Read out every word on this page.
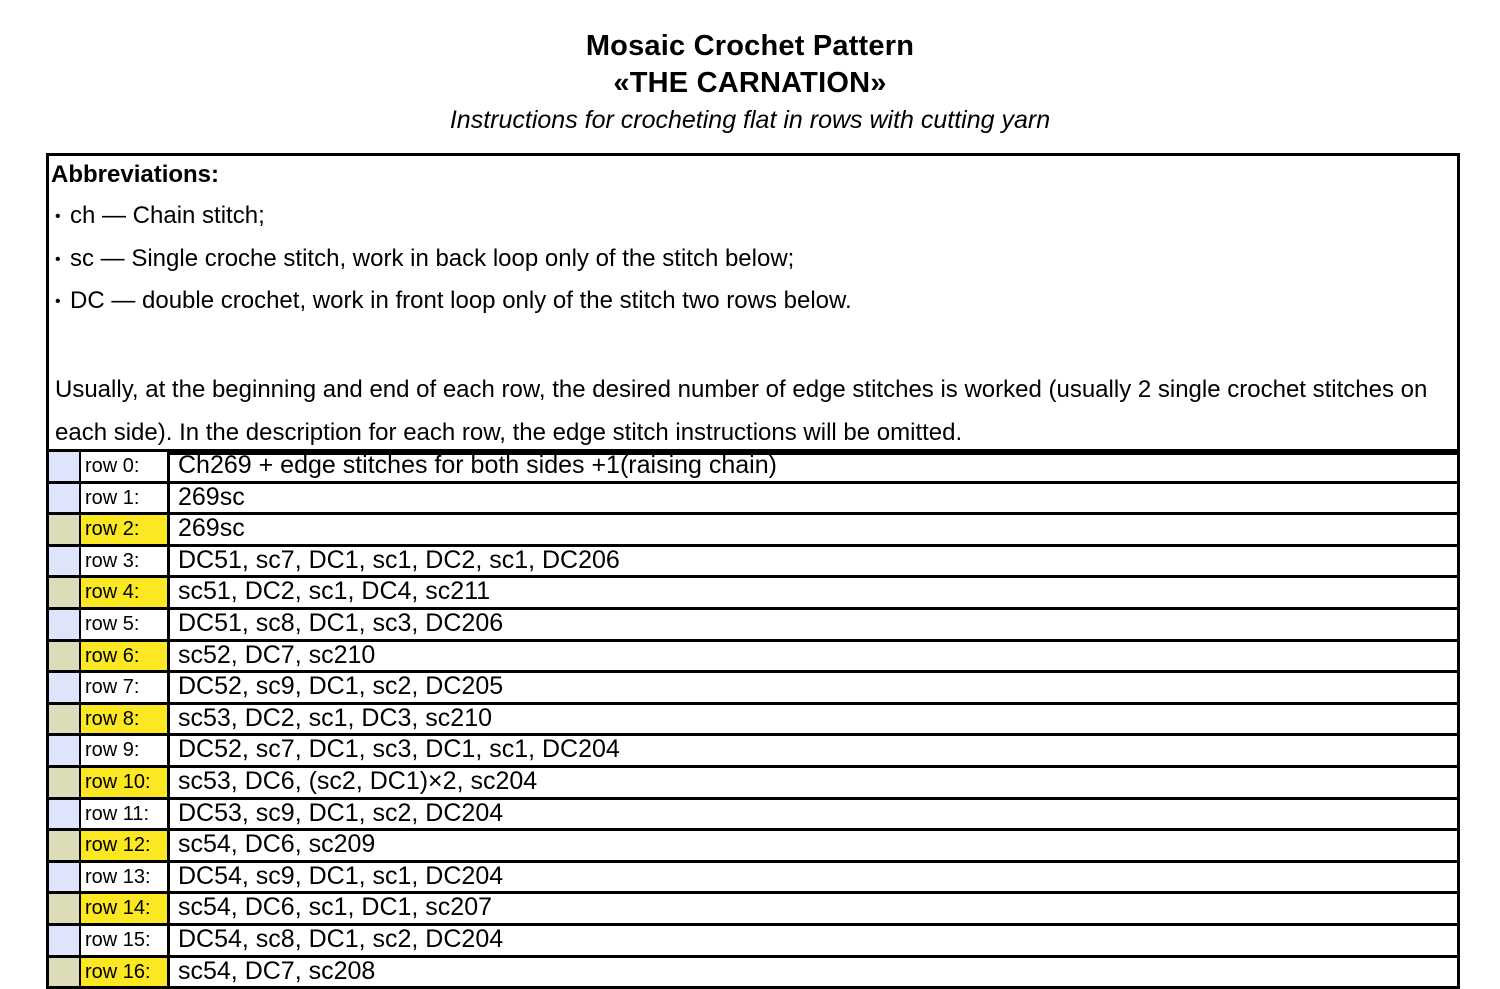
Mosaic Crochet Pattern
«THE CARNATION»
Instructions for crocheting flat in rows with cutting yarn
Abbreviations:
• ch — Chain stitch;
• sc — Single croche stitch, work in back loop only of the stitch below;
• DC — double crochet, work in front loop only of the stitch two rows below.
Usually, at the beginning and end of each row, the desired number of edge stitches is worked (usually 2 single crochet stitches on each side). In the description for each row, the edge stitch instructions will be omitted.
row 0:	Ch269 + edge stitches for both sides +1(raising chain)
row 1:	269sc
row 2:	269sc
row 3:	DC51, sc7, DC1, sc1, DC2, sc1, DC206
row 4:	sc51, DC2, sc1, DC4, sc211
row 5:	DC51, sc8, DC1, sc3, DC206
row 6:	sc52, DC7, sc210
row 7:	DC52, sc9, DC1, sc2, DC205
row 8:	sc53, DC2, sc1, DC3, sc210
row 9:	DC52, sc7, DC1, sc3, DC1, sc1, DC204
row 10:	sc53, DC6, (sc2, DC1)×2, sc204
row 11:	DC53, sc9, DC1, sc2, DC204
row 12:	sc54, DC6, sc209
row 13:	DC54, sc9, DC1, sc1, DC204
row 14:	sc54, DC6, sc1, DC1, sc207
row 15:	DC54, sc8, DC1, sc2, DC204
row 16:	sc54, DC7, sc208
